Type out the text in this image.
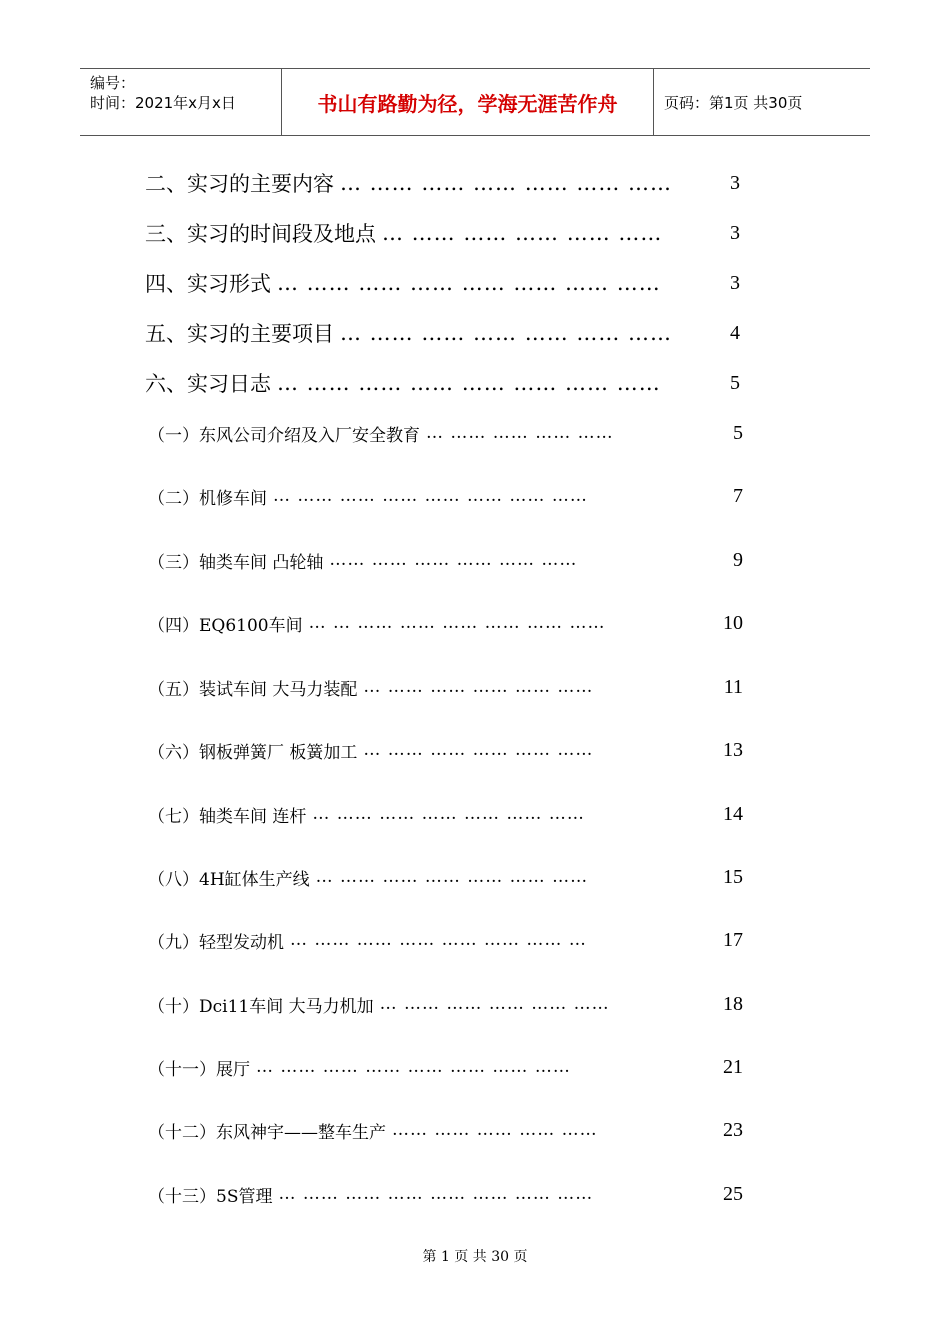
编号：
时间：2021年x月x日	书山有路勤为径，学海无涯苦作舟	页码：第1页 共30页
二、实习的主要内容 … …… …… …… …… …… ……	3
三、实习的时间段及地点 … …… …… …… …… ……	3
四、实习形式 … …… …… …… …… …… …… ……	3
五、实习的主要项目 … …… …… …… …… …… ……	4
六、实习日志 … …… …… …… …… …… …… ……	5
（一）东风公司介绍及入厂安全教育 … …… …… …… ……	5
（二）机修车间 … …… …… …… …… …… …… ……	7
（三）轴类车间 凸轮轴 …… …… …… …… …… ……	9
（四）EQ6100车间 … … …… …… …… …… …… ……	10
（五）装试车间 大马力装配 … …… …… …… …… ……	11
（六）钢板弹簧厂 板簧加工 … …… …… …… …… ……	13
（七）轴类车间 连杆 … …… …… …… …… …… ……	14
（八）4H缸体生产线 … …… …… …… …… …… ……	15
（九）轻型发动机 … …… …… …… …… …… …… …	17
（十）Dci11车间 大马力机加 … …… …… …… …… ……	18
（十一）展厅 … …… …… …… …… …… …… ……	21
（十二）东风神宇——整车生产 …… …… …… …… ……	23
（十三）5S管理 … …… …… …… …… …… …… ……	25
第 1 页 共 30 页
